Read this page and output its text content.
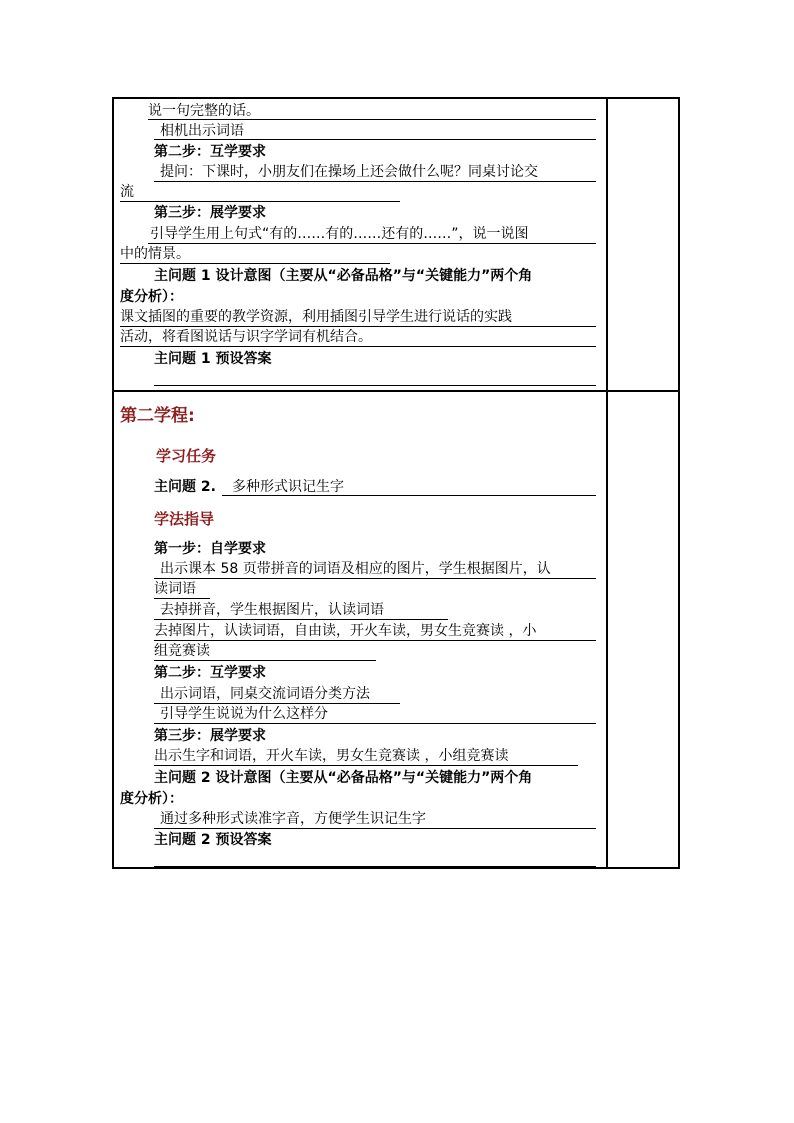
说一句完整的话。
相机出示词语
第二步：互学要求
提问：下课时，小朋友们在操场上还会做什么呢？同桌讨论交
流
第三步：展学要求
引导学生用上句式“有的……有的……还有的……”，说一说图
中的情景。
主问题 1 设计意图（主要从“必备品格”与“关键能力”两个角
度分析）：
课文插图的重要的教学资源，利用插图引导学生进行说话的实践
活动，将看图说话与识字学词有机结合。
主问题 1 预设答案
第二学程:
学习任务
主问题 2. 多种形式识记生字
学法指导
第一步：自学要求
出示课本 58 页带拼音的词语及相应的图片，学生根据图片，认
读词语
去掉拼音，学生根据图片，认读词语
去掉图片，认读词语，自由读，开火车读，男女生竞赛读 ，小
组竞赛读
第二步：互学要求
出示词语，同桌交流词语分类方法
引导学生说说为什么这样分
第三步：展学要求
出示生字和词语，开火车读，男女生竞赛读 ，小组竞赛读
主问题 2 设计意图（主要从“必备品格”与“关键能力”两个角
度分析）：
通过多种形式读准字音，方便学生识记生字
主问题 2 预设答案
